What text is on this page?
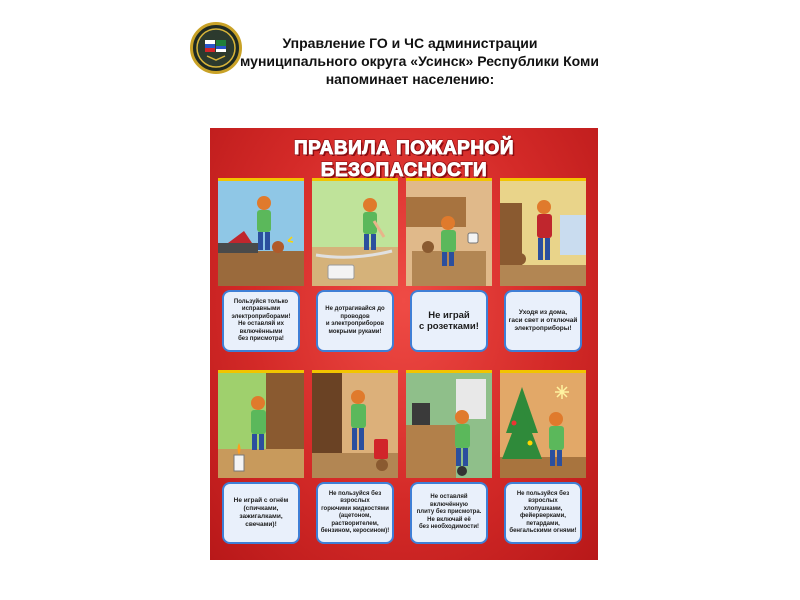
Управление ГО и ЧС администрации
муниципального округа «Усинск» Республики Коми
напоминает населению:
ПРАВИЛА ПОЖАРНОЙ БЕЗОПАСНОСТИ
Пользуйся только исправными
электроприборами!
Не оставляй их включёнными
без присмотра!
Не дотрагивайся до проводов
и электроприборов
мокрыми руками!
Не играй
с розетками!
Уходя из дома,
гаси свет и отключай
электроприборы!
Не играй с огнём
(спичками, зажигалками,
свечами)!
Не пользуйся без взрослых
горючими жидкостями
(ацетоном, растворителем,
бензином, керосином)!
Не оставляй включённую
плиту без присмотра.
Не включай её
без необходимости!
Не пользуйся без взрослых
хлопушками,
фейерверками, петардами,
бенгальскими огнями!
